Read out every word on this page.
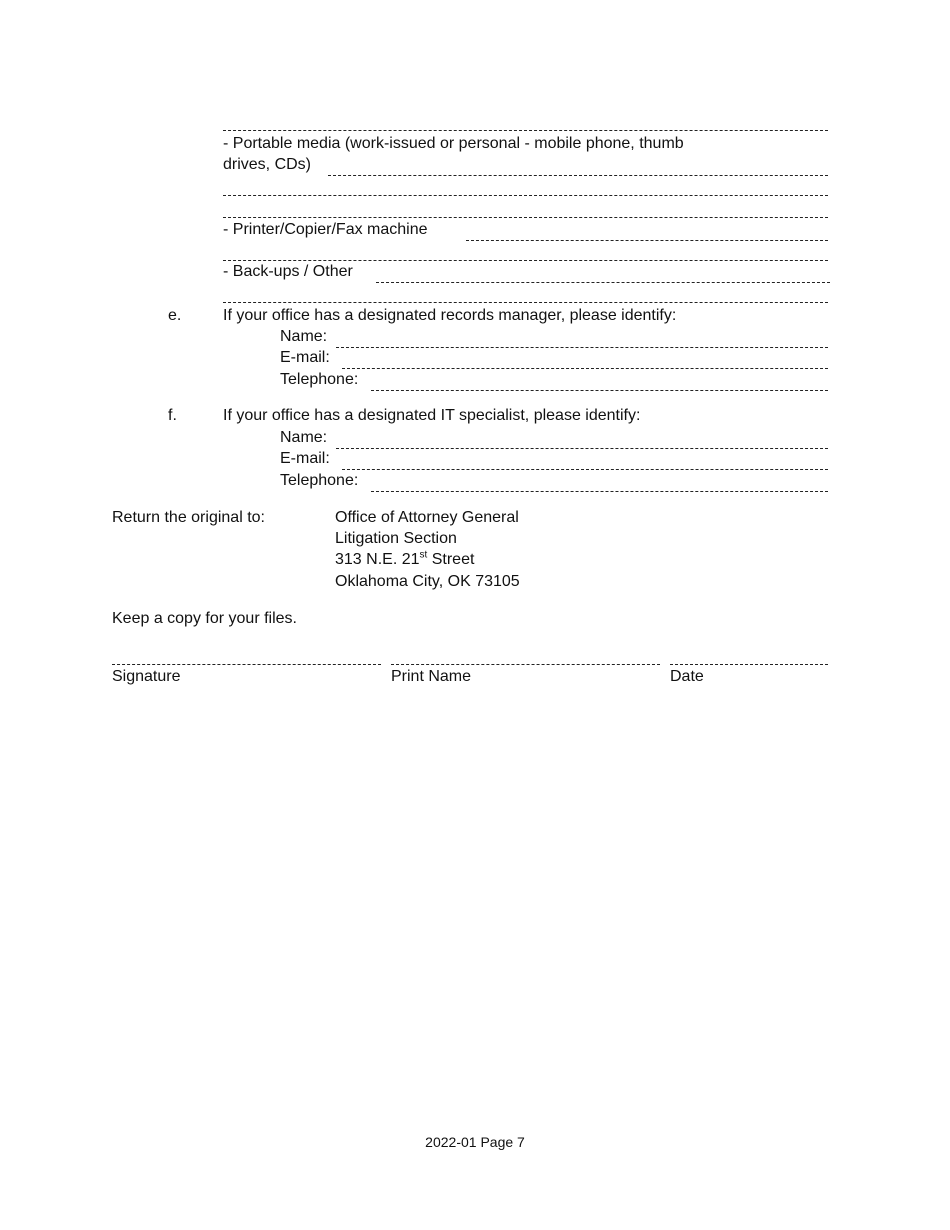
- Portable media (work-issued or personal - mobile phone, thumb
drives, CDs)
- Printer/Copier/Fax machine
- Back-ups / Other
e.	If your office has a designated records manager, please identify:
Name:
E-mail:
Telephone:
f.	If your office has a designated IT specialist, please identify:
Name:
E-mail:
Telephone:
Return the original to:	Office of Attorney General
Litigation Section
313 N.E. 21st Street
Oklahoma City, OK 73105
Keep a copy for your files.
Signature	Print Name	Date
2022-01 Page 7
